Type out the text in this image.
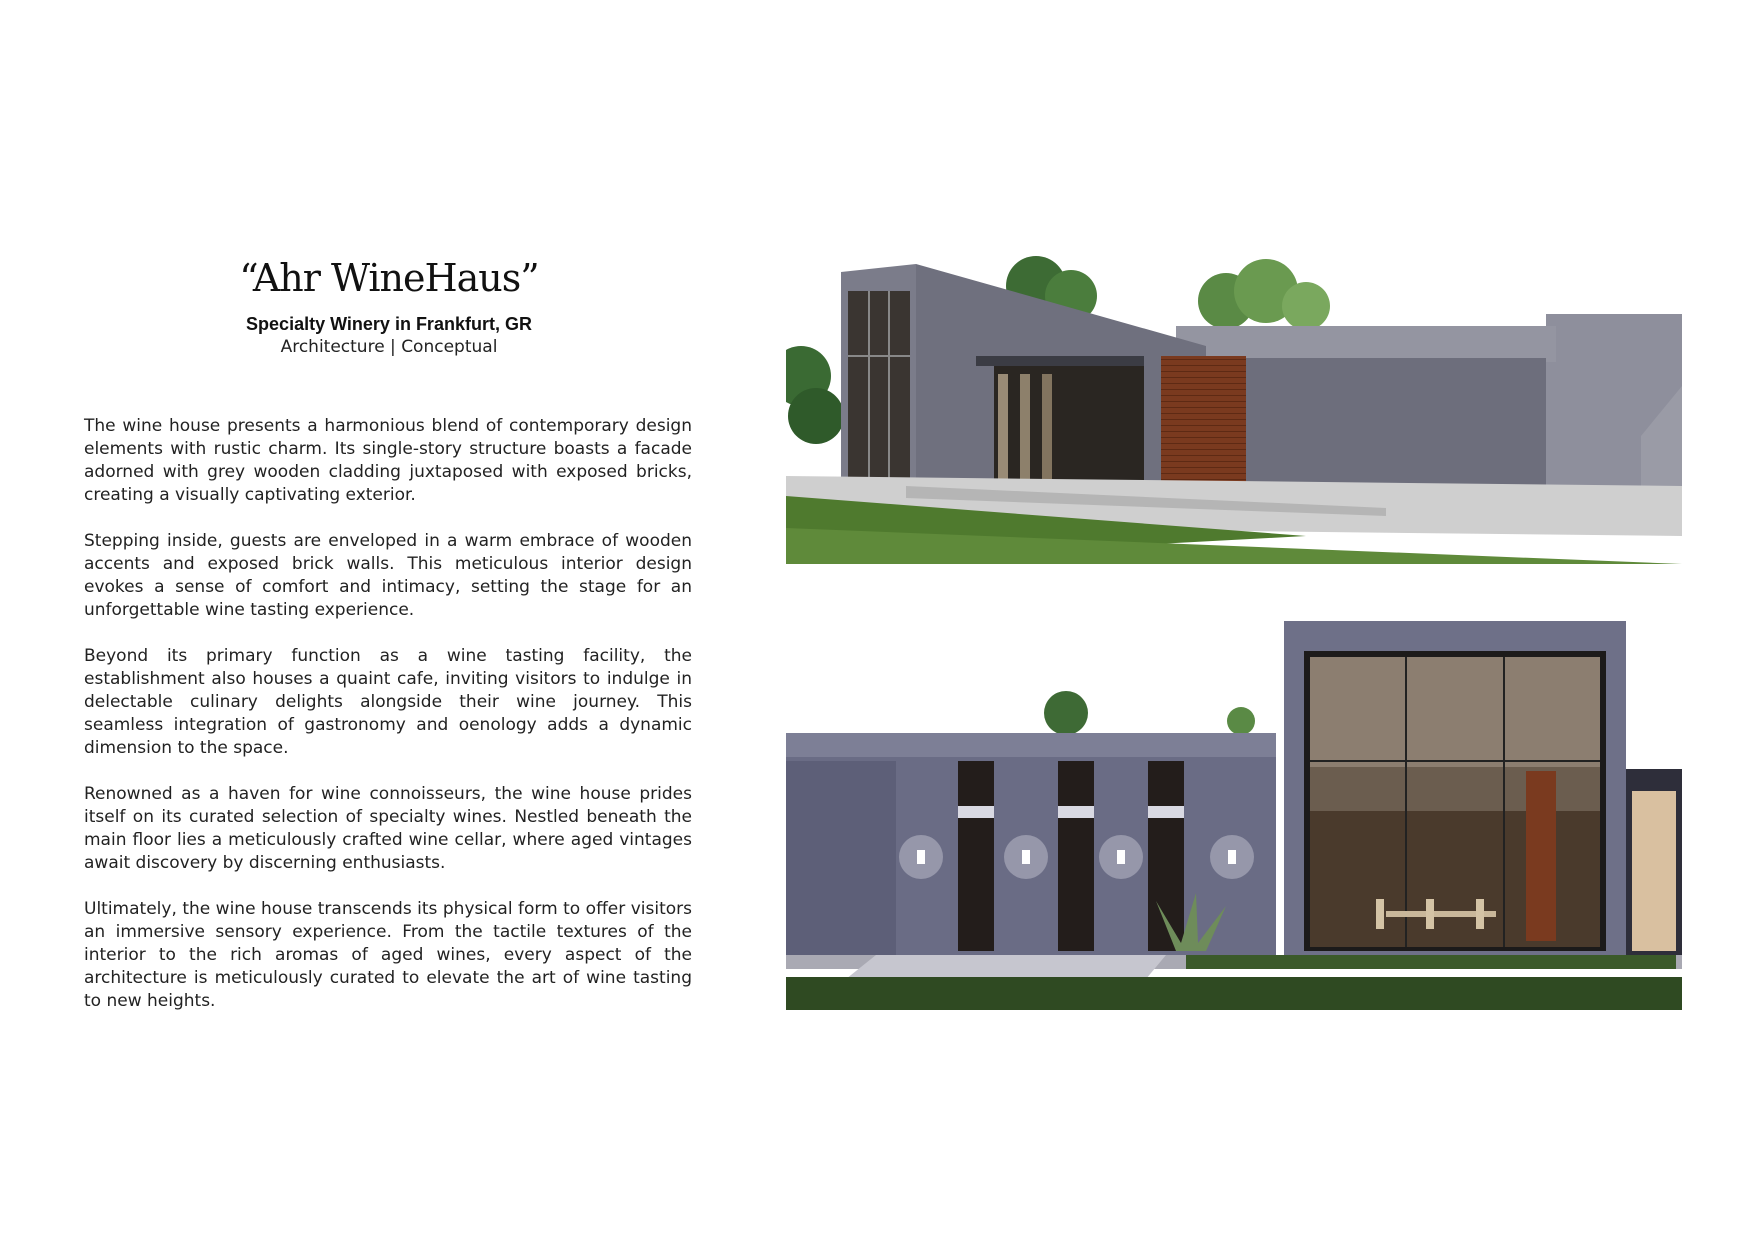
“Ahr WineHaus”
Specialty Winery in Frankfurt, GR
Architecture | Conceptual

The wine house presents a harmonious blend of contemporary design elements with rustic charm. Its single-story structure boasts a facade adorned with grey wooden cladding juxtaposed with exposed bricks, creating a visually captivating exterior.

Stepping inside, guests are enveloped in a warm embrace of wooden accents and exposed brick walls. This meticulous interior design evokes a sense of comfort and intimacy, setting the stage for an unforgettable wine tasting experience.

Beyond its primary function as a wine tasting facility, the establishment also houses a quaint cafe, inviting visitors to indulge in delectable culinary delights alongside their wine journey. This seamless integration of gastronomy and oenology adds a dynamic dimension to the space.

Renowned as a haven for wine connoisseurs, the wine house prides itself on its curated selection of specialty wines. Nestled beneath the main floor lies a meticulously crafted wine cellar, where aged vintages await discovery by discerning enthusiasts.

Ultimately, the wine house transcends its physical form to offer visitors an immersive sensory experience. From the tactile textures of the interior to the rich aromas of aged wines, every aspect of the architecture is meticulously curated to elevate the art of wine tasting to new heights.
